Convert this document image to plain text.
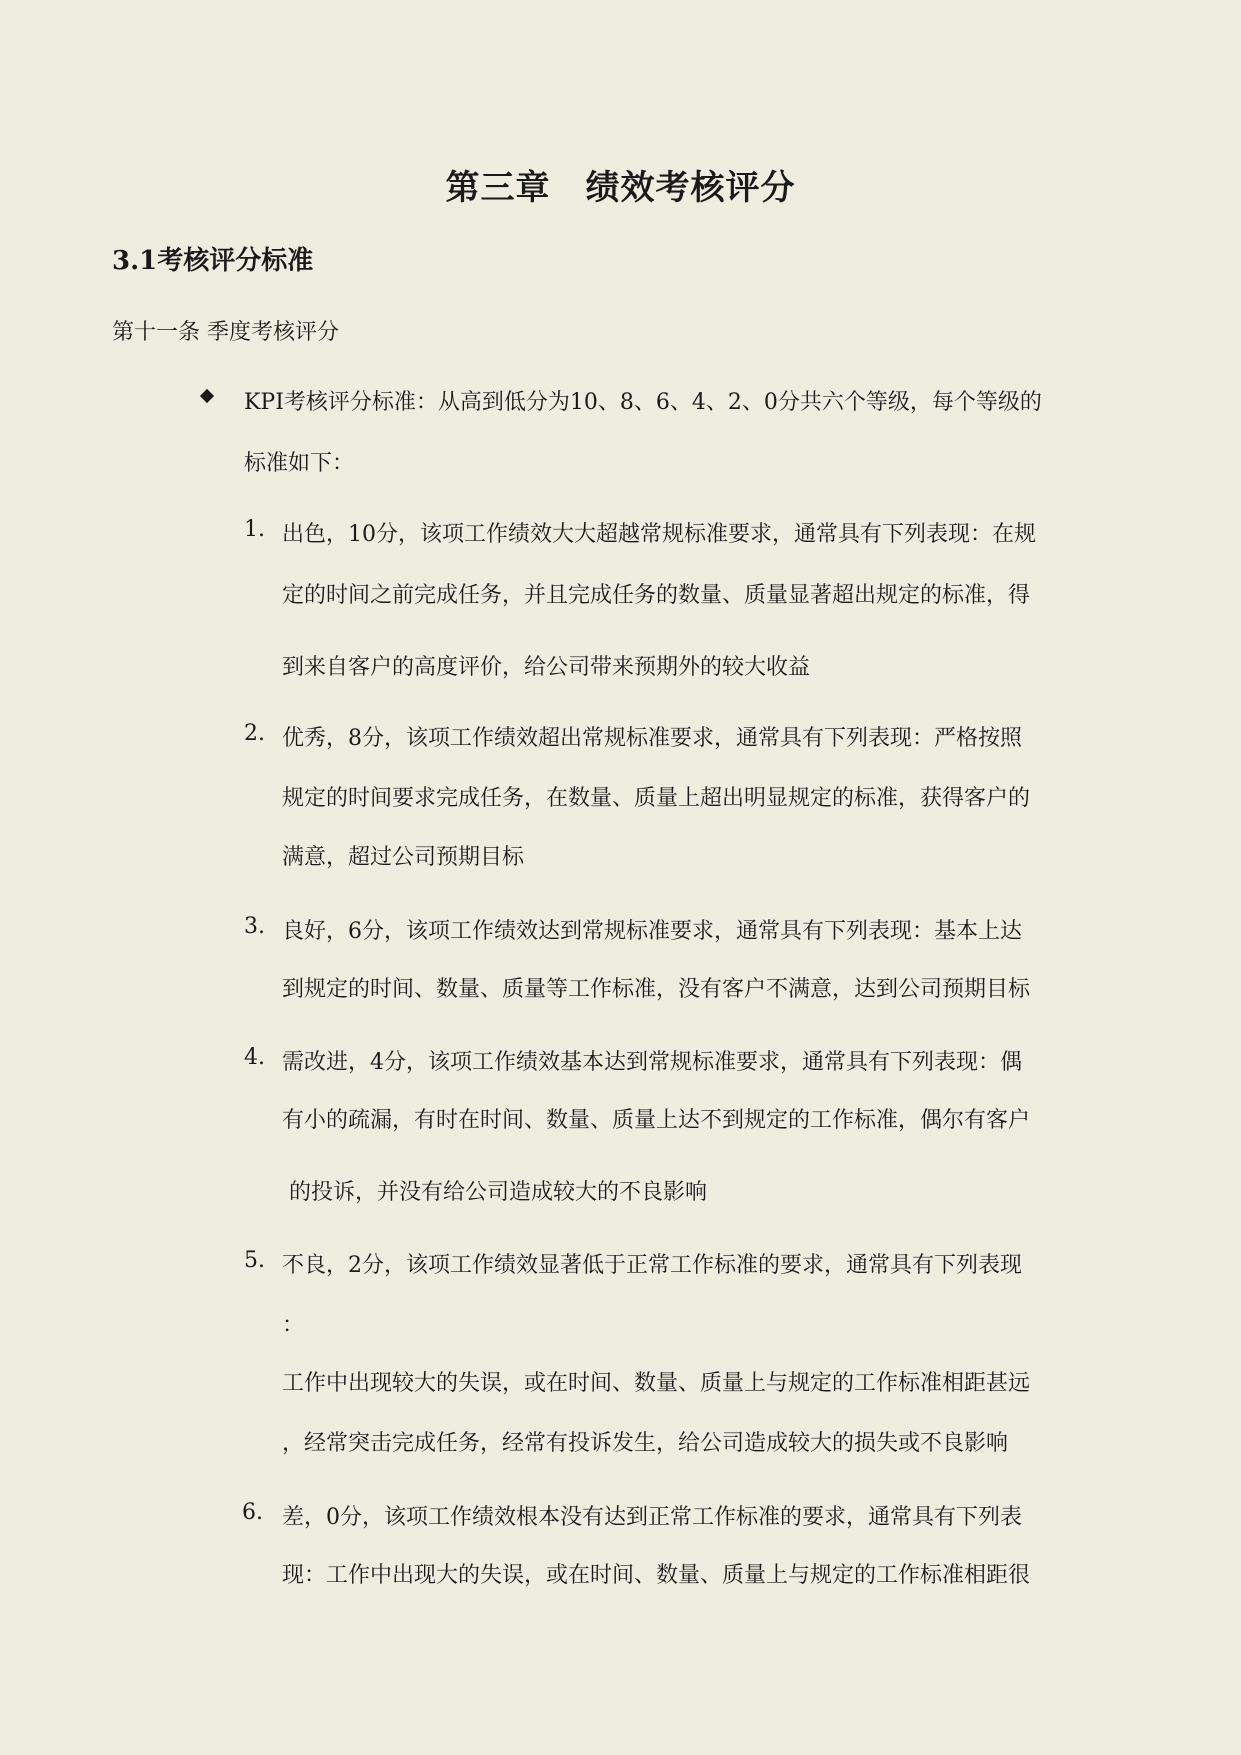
第三章　绩效考核评分
3.1考核评分标准
第十一条 季度考核评分
KPI考核评分标准：从高到低分为10、8、6、4、2、0分共六个等级，每个等级的
标准如下：
1. 出色，10分，该项工作绩效大大超越常规标准要求，通常具有下列表现：在规
定的时间之前完成任务，并且完成任务的数量、质量显著超出规定的标准，得
到来自客户的高度评价，给公司带来预期外的较大收益
2. 优秀，8分，该项工作绩效超出常规标准要求，通常具有下列表现：严格按照
规定的时间要求完成任务，在数量、质量上超出明显规定的标准，获得客户的
满意，超过公司预期目标
3. 良好，6分，该项工作绩效达到常规标准要求，通常具有下列表现：基本上达
到规定的时间、数量、质量等工作标准，没有客户不满意，达到公司预期目标
4. 需改进，4分，该项工作绩效基本达到常规标准要求，通常具有下列表现：偶
有小的疏漏，有时在时间、数量、质量上达不到规定的工作标准，偶尔有客户
的投诉，并没有给公司造成较大的不良影响
5. 不良，2分，该项工作绩效显著低于正常工作标准的要求，通常具有下列表现
：
工作中出现较大的失误，或在时间、数量、质量上与规定的工作标准相距甚远
，经常突击完成任务，经常有投诉发生，给公司造成较大的损失或不良影响
6. 差，0分，该项工作绩效根本没有达到正常工作标准的要求，通常具有下列表
现：工作中出现大的失误，或在时间、数量、质量上与规定的工作标准相距很
